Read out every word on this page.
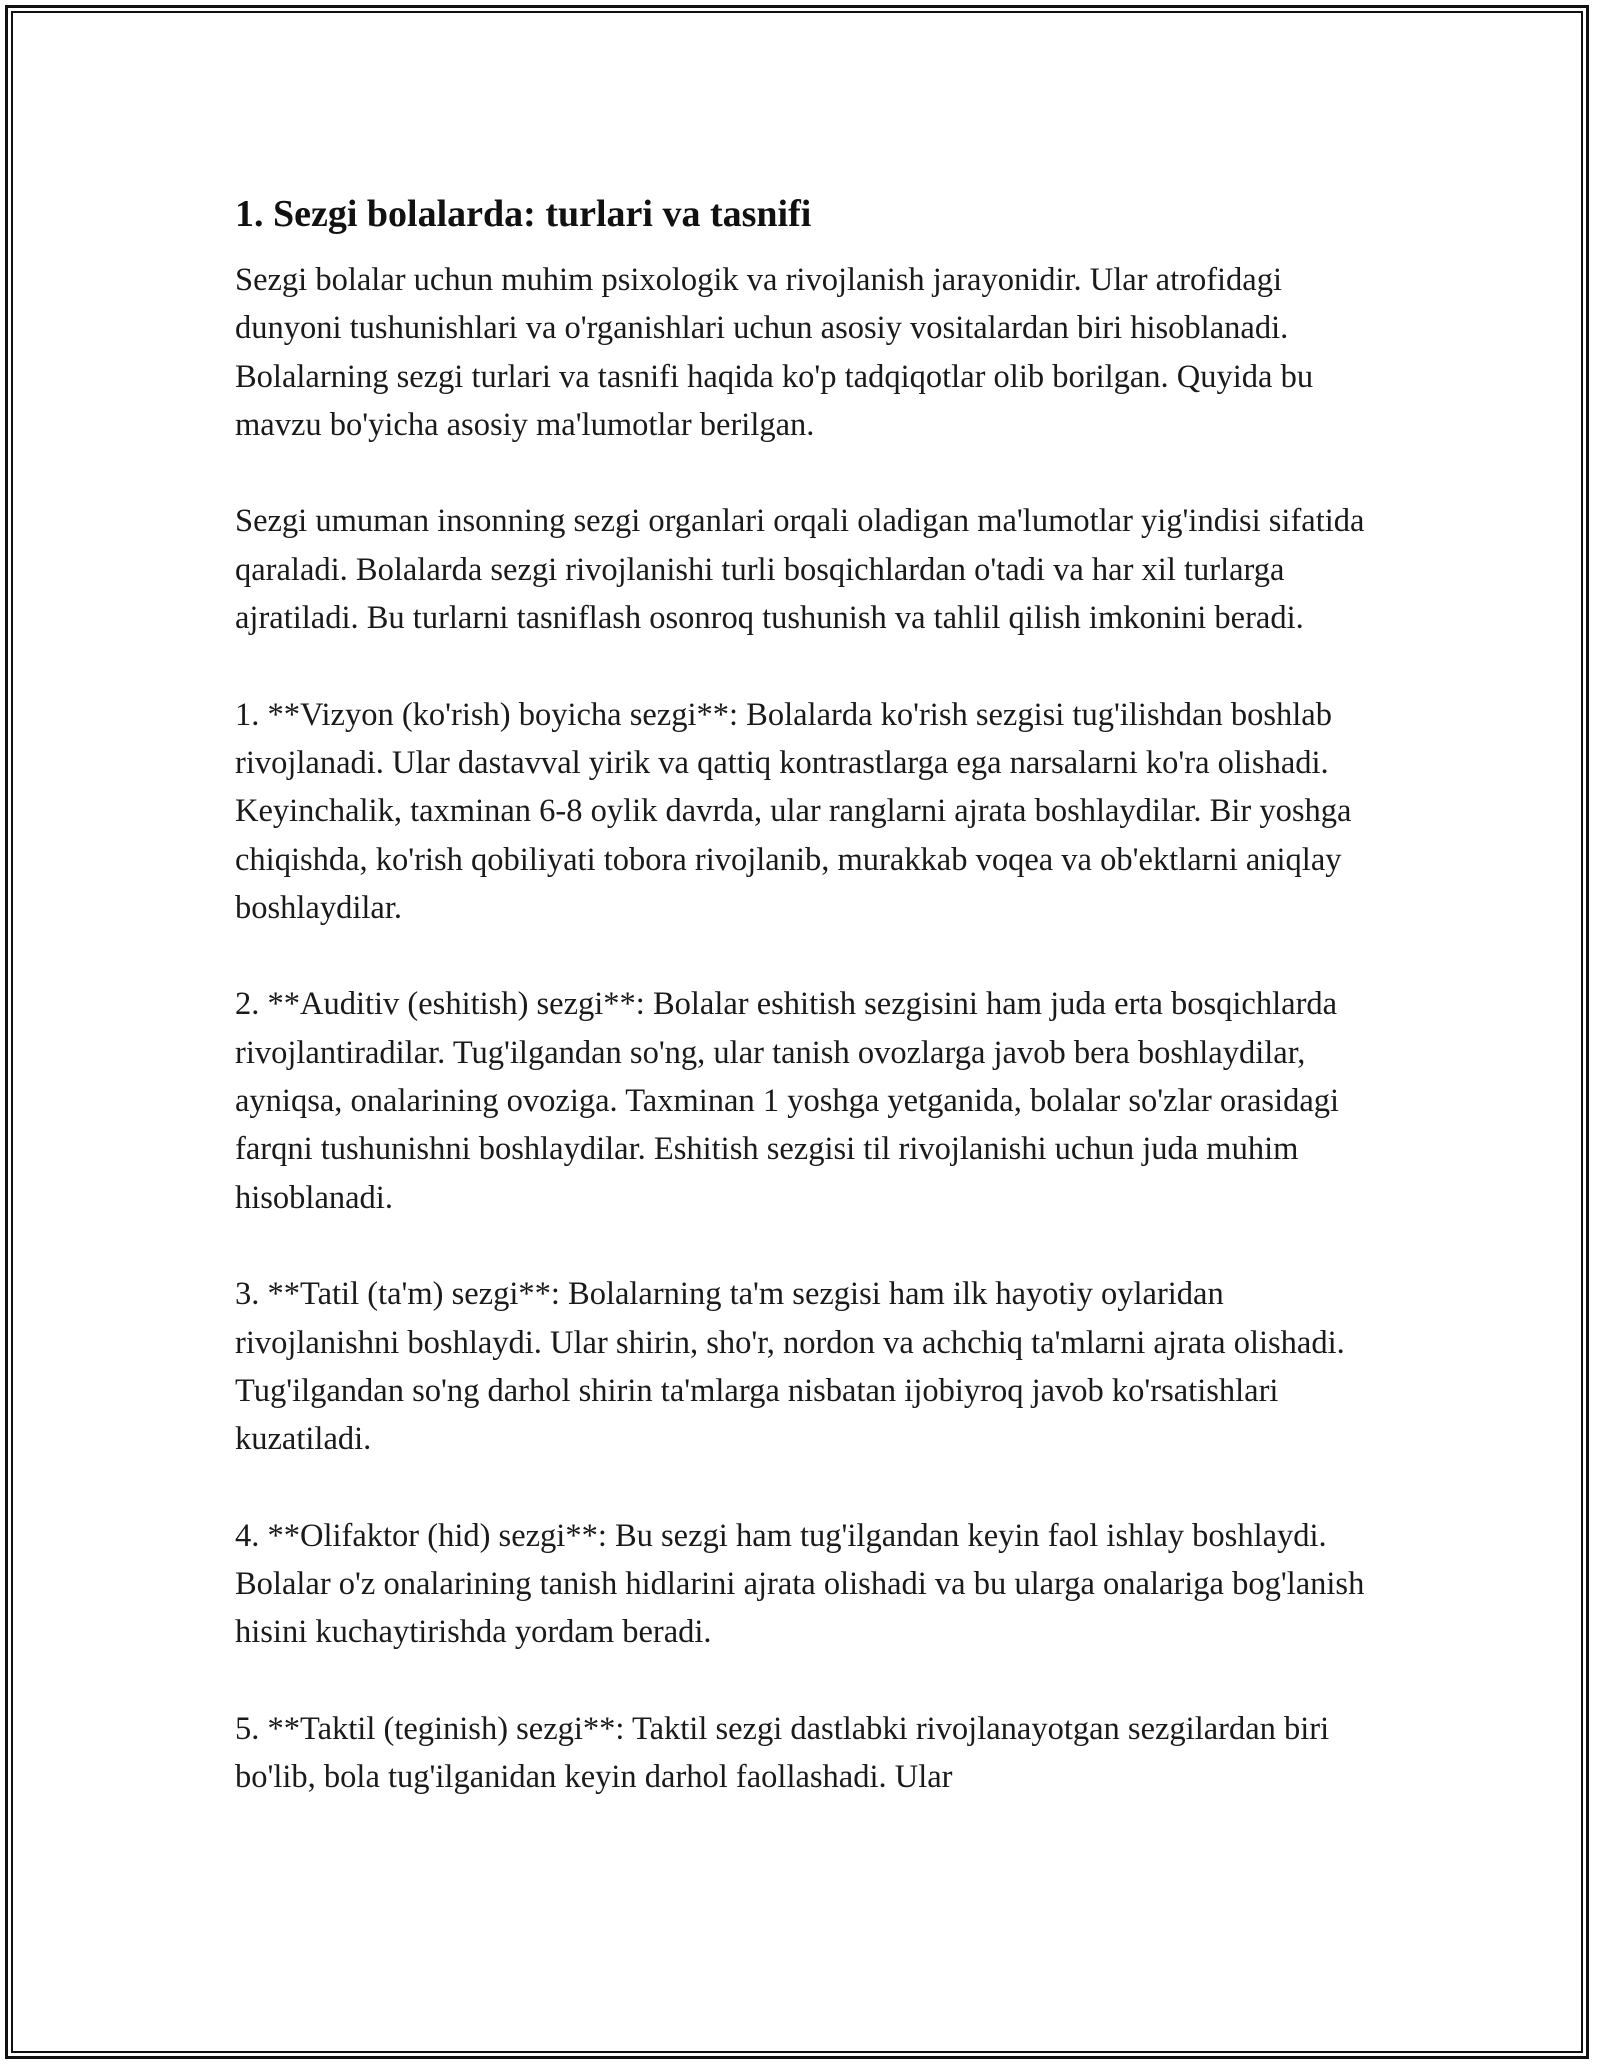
1. Sezgi bolalarda: turlari va tasnifi

Sezgi bolalar uchun muhim psixologik va rivojlanish jarayonidir. Ular atrofidagi dunyoni tushunishlari va o'rganishlari uchun asosiy vositalardan biri hisoblanadi. Bolalarning sezgi turlari va tasnifi haqida ko'p tadqiqotlar olib borilgan. Quyida bu mavzu bo'yicha asosiy ma'lumotlar berilgan.

Sezgi umuman insonning sezgi organlari orqali oladigan ma'lumotlar yig'indisi sifatida qaraladi. Bolalarda sezgi rivojlanishi turli bosqichlardan o'tadi va har xil turlarga ajratiladi. Bu turlarni tasniflash osonroq tushunish va tahlil qilish imkonini beradi.

1. **Vizyon (ko'rish) boyicha sezgi**: Bolalarda ko'rish sezgisi tug'ilishdan boshlab rivojlanadi. Ular dastavval yirik va qattiq kontrastlarga ega narsalarni ko'ra olishadi. Keyinchalik, taxminan 6-8 oylik davrda, ular ranglarni ajrata boshlaydilar. Bir yoshga chiqishda, ko'rish qobiliyati tobora rivojlanib, murakkab voqea va ob'ektlarni aniqlay boshlaydilar.

2. **Auditiv (eshitish) sezgi**: Bolalar eshitish sezgisini ham juda erta bosqichlarda rivojlantiradilar. Tug'ilgandan so'ng, ular tanish ovozlarga javob bera boshlaydilar, ayniqsa, onalarining ovoziga. Taxminan 1 yoshga yetganida, bolalar so'zlar orasidagi farqni tushunishni boshlaydilar. Eshitish sezgisi til rivojlanishi uchun juda muhim hisoblanadi.

3. **Tatil (ta'm) sezgi**: Bolalarning ta'm sezgisi ham ilk hayotiy oylaridan rivojlanishni boshlaydi. Ular shirin, sho'r, nordon va achchiq ta'mlarni ajrata olishadi. Tug'ilgandan so'ng darhol shirin ta'mlarga nisbatan ijobiyroq javob ko'rsatishlari kuzatiladi.

4. **Olifaktor (hid) sezgi**: Bu sezgi ham tug'ilgandan keyin faol ishlay boshlaydi. Bolalar o'z onalarining tanish hidlarini ajrata olishadi va bu ularga onalariga bog'lanish hisini kuchaytirishda yordam beradi.

5. **Taktil (teginish) sezgi**: Taktil sezgi dastlabki rivojlanayotgan sezgilardan biri bo'lib, bola tug'ilganidan keyin darhol faollashadi. Ular
